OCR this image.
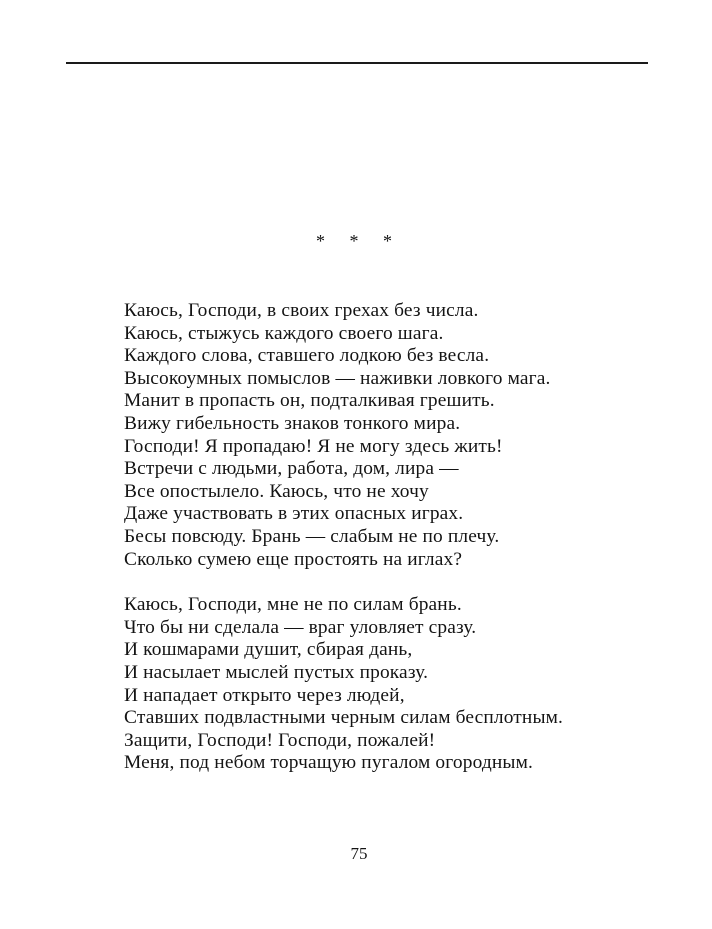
* * *
Каюсь, Господи, в своих грехах без числа.
Каюсь, стыжусь каждого своего шага.
Каждого слова, ставшего лодкою без весла.
Высокоумных помыслов — наживки ловкого мага.
Манит в пропасть он, подталкивая грешить.
Вижу гибельность знаков тонкого мира.
Господи! Я пропадаю! Я не могу здесь жить!
Встречи с людьми, работа, дом, лира —
Все опостылело. Каюсь, что не хочу
Даже участвовать в этих опасных играх.
Бесы повсюду. Брань — слабым не по плечу.
Сколько сумею еще простоять на иглах?
Каюсь, Господи, мне не по силам брань.
Что бы ни сделала — враг уловляет сразу.
И кошмарами душит, сбирая дань,
И насылает мыслей пустых проказу.
И нападает открыто через людей,
Ставших подвластными черным силам бесплотным.
Защити, Господи! Господи, пожалей!
Меня, под небом торчащую пугалом огородным.
75
